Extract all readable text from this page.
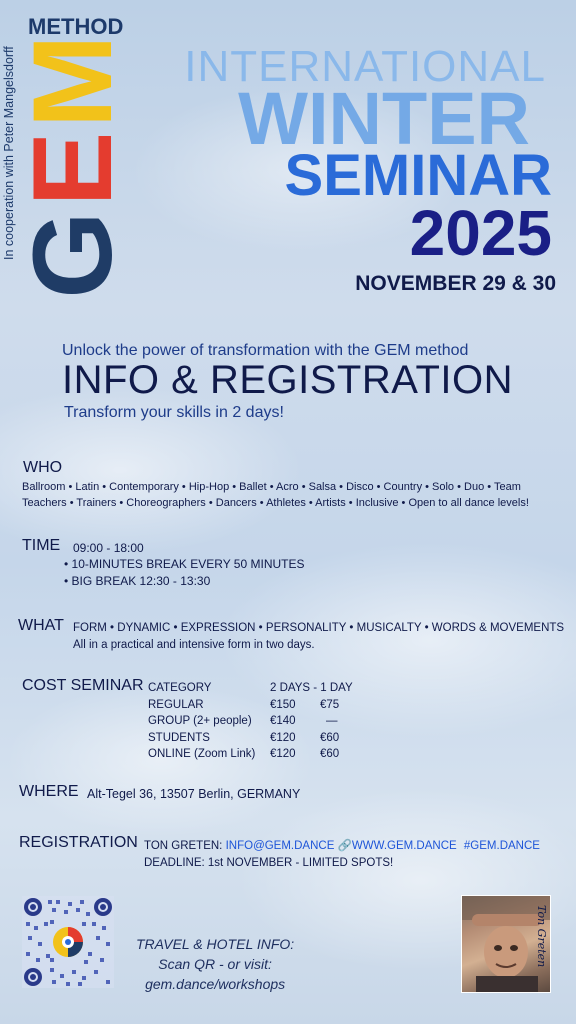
METHOD
G
E
M
In cooperation with Peter Mangelsdorff	INTERNATIONAL
WINTER
SEMINAR
2025
NOVEMBER 29 & 30
Unlock the power of transformation with the GEM method
INFO & REGISTRATION
Transform your skills in 2 days!
WHO
Ballroom • Latin • Contemporary • Hip-Hop • Ballet • Acro • Salsa • Disco • Country • Solo • Duo • Team
Teachers • Trainers • Choreographers • Dancers • Athletes • Artists • Inclusive • Open to all dance levels!
TIME 09:00 - 18:00
• 10-MINUTES BREAK EVERY 50 MINUTES
• BIG BREAK 12:30 - 13:30
WHAT FORM • DYNAMIC • EXPRESSION • PERSONALITY • MUSICALTY • WORDS & MOVEMENTS
All in a practical and intensive form in two days.
COST SEMINAR CATEGORY	2 DAYS - 1 DAY	
REGULAR	€150	€75
GROUP (2+ people)	€140	—
STUDENTS	€120	€60
ONLINE (Zoom Link)	€120	€60
WHERE Alt-Tegel 36, 13507 Berlin, GERMANY
REGISTRATION TON GRETEN: INFO@GEM.DANCE 🔗WWW.GEM.DANCE #GEM.DANCE
DEADLINE: 1st NOVEMBER - LIMITED SPOTS!
TRAVEL & HOTEL INFO:
Scan QR - or visit:
gem.dance/workshops
Ton Greten
